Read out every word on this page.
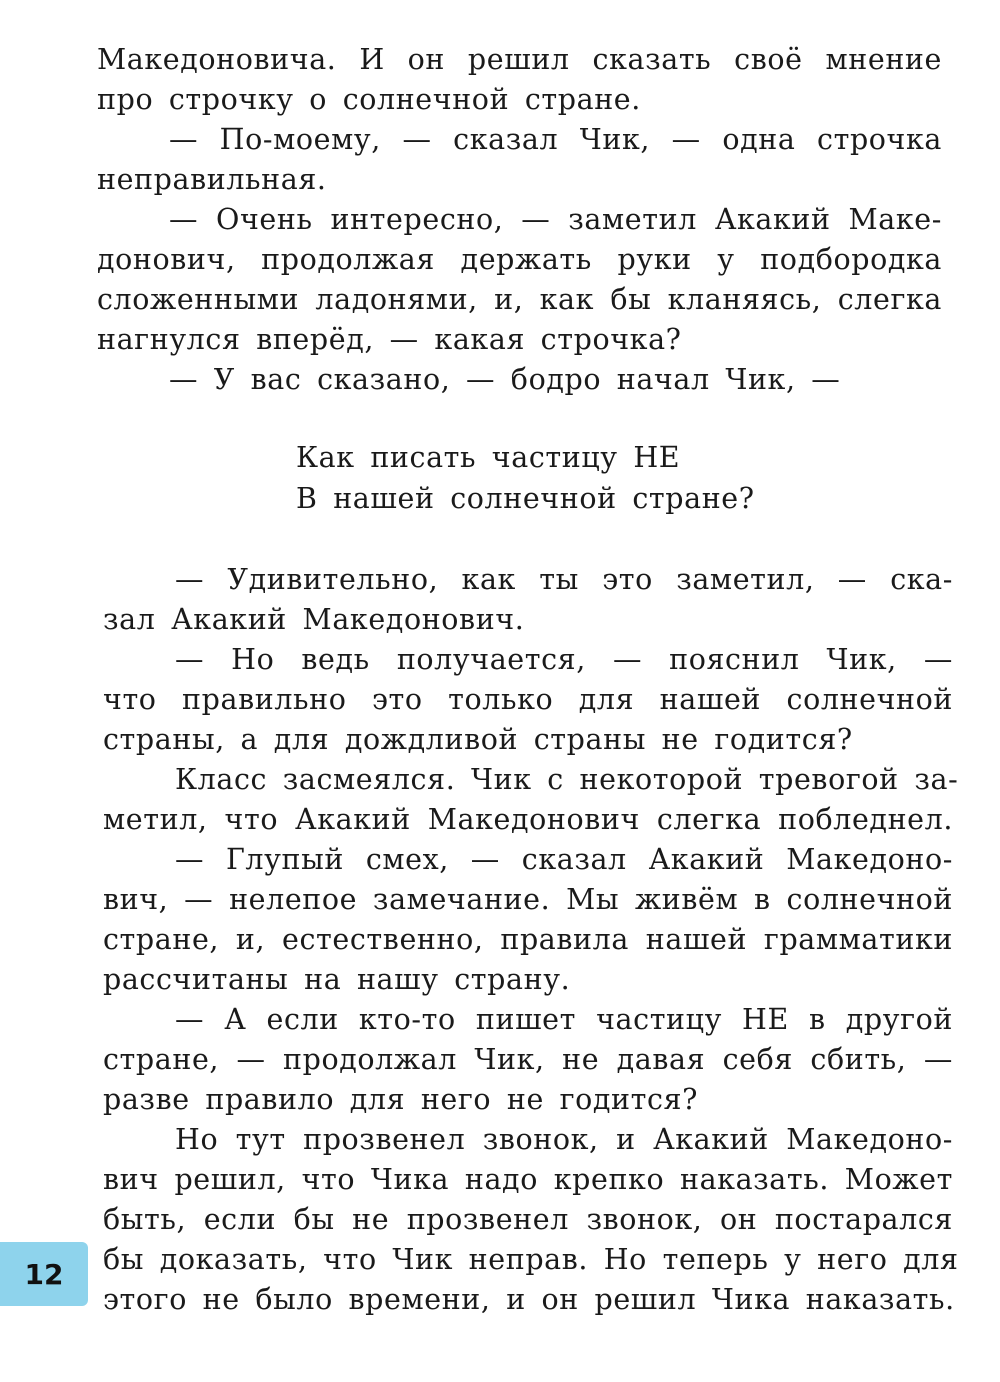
Македоновича. И он решил сказать своё мнение
про строчку о солнечной стране.
— По-моему, — сказал Чик, — одна строчка
неправильная.
— Очень интересно, — заметил Акакий Маке-
донович, продолжая держать руки у подбородка
сложенными ладонями, и, как бы кланяясь, слегка
нагнулся вперёд, — какая строчка?
— У вас сказано, — бодро начал Чик, —
Как писать частицу НЕ
В нашей солнечной стране?
— Удивительно, как ты это заметил, — ска-
зал Акакий Македонович.
— Но ведь получается, — пояснил Чик, —
что правильно это только для нашей солнечной
страны, а для дождливой страны не годится?
Класс засмеялся. Чик с некоторой тревогой за-
метил, что Акакий Македонович слегка побледнел.
— Глупый смех, — сказал Акакий Македоно-
вич, — нелепое замечание. Мы живём в солнечной
стране, и, естественно, правила нашей грамматики
рассчитаны на нашу страну.
— А если кто-то пишет частицу НЕ в другой
стране, — продолжал Чик, не давая себя сбить, —
разве правило для него не годится?
Но тут прозвенел звонок, и Акакий Македоно-
вич решил, что Чика надо крепко наказать. Может
быть, если бы не прозвенел звонок, он постарался
бы доказать, что Чик неправ. Но теперь у него для
этого не было времени, и он решил Чика наказать.
12
